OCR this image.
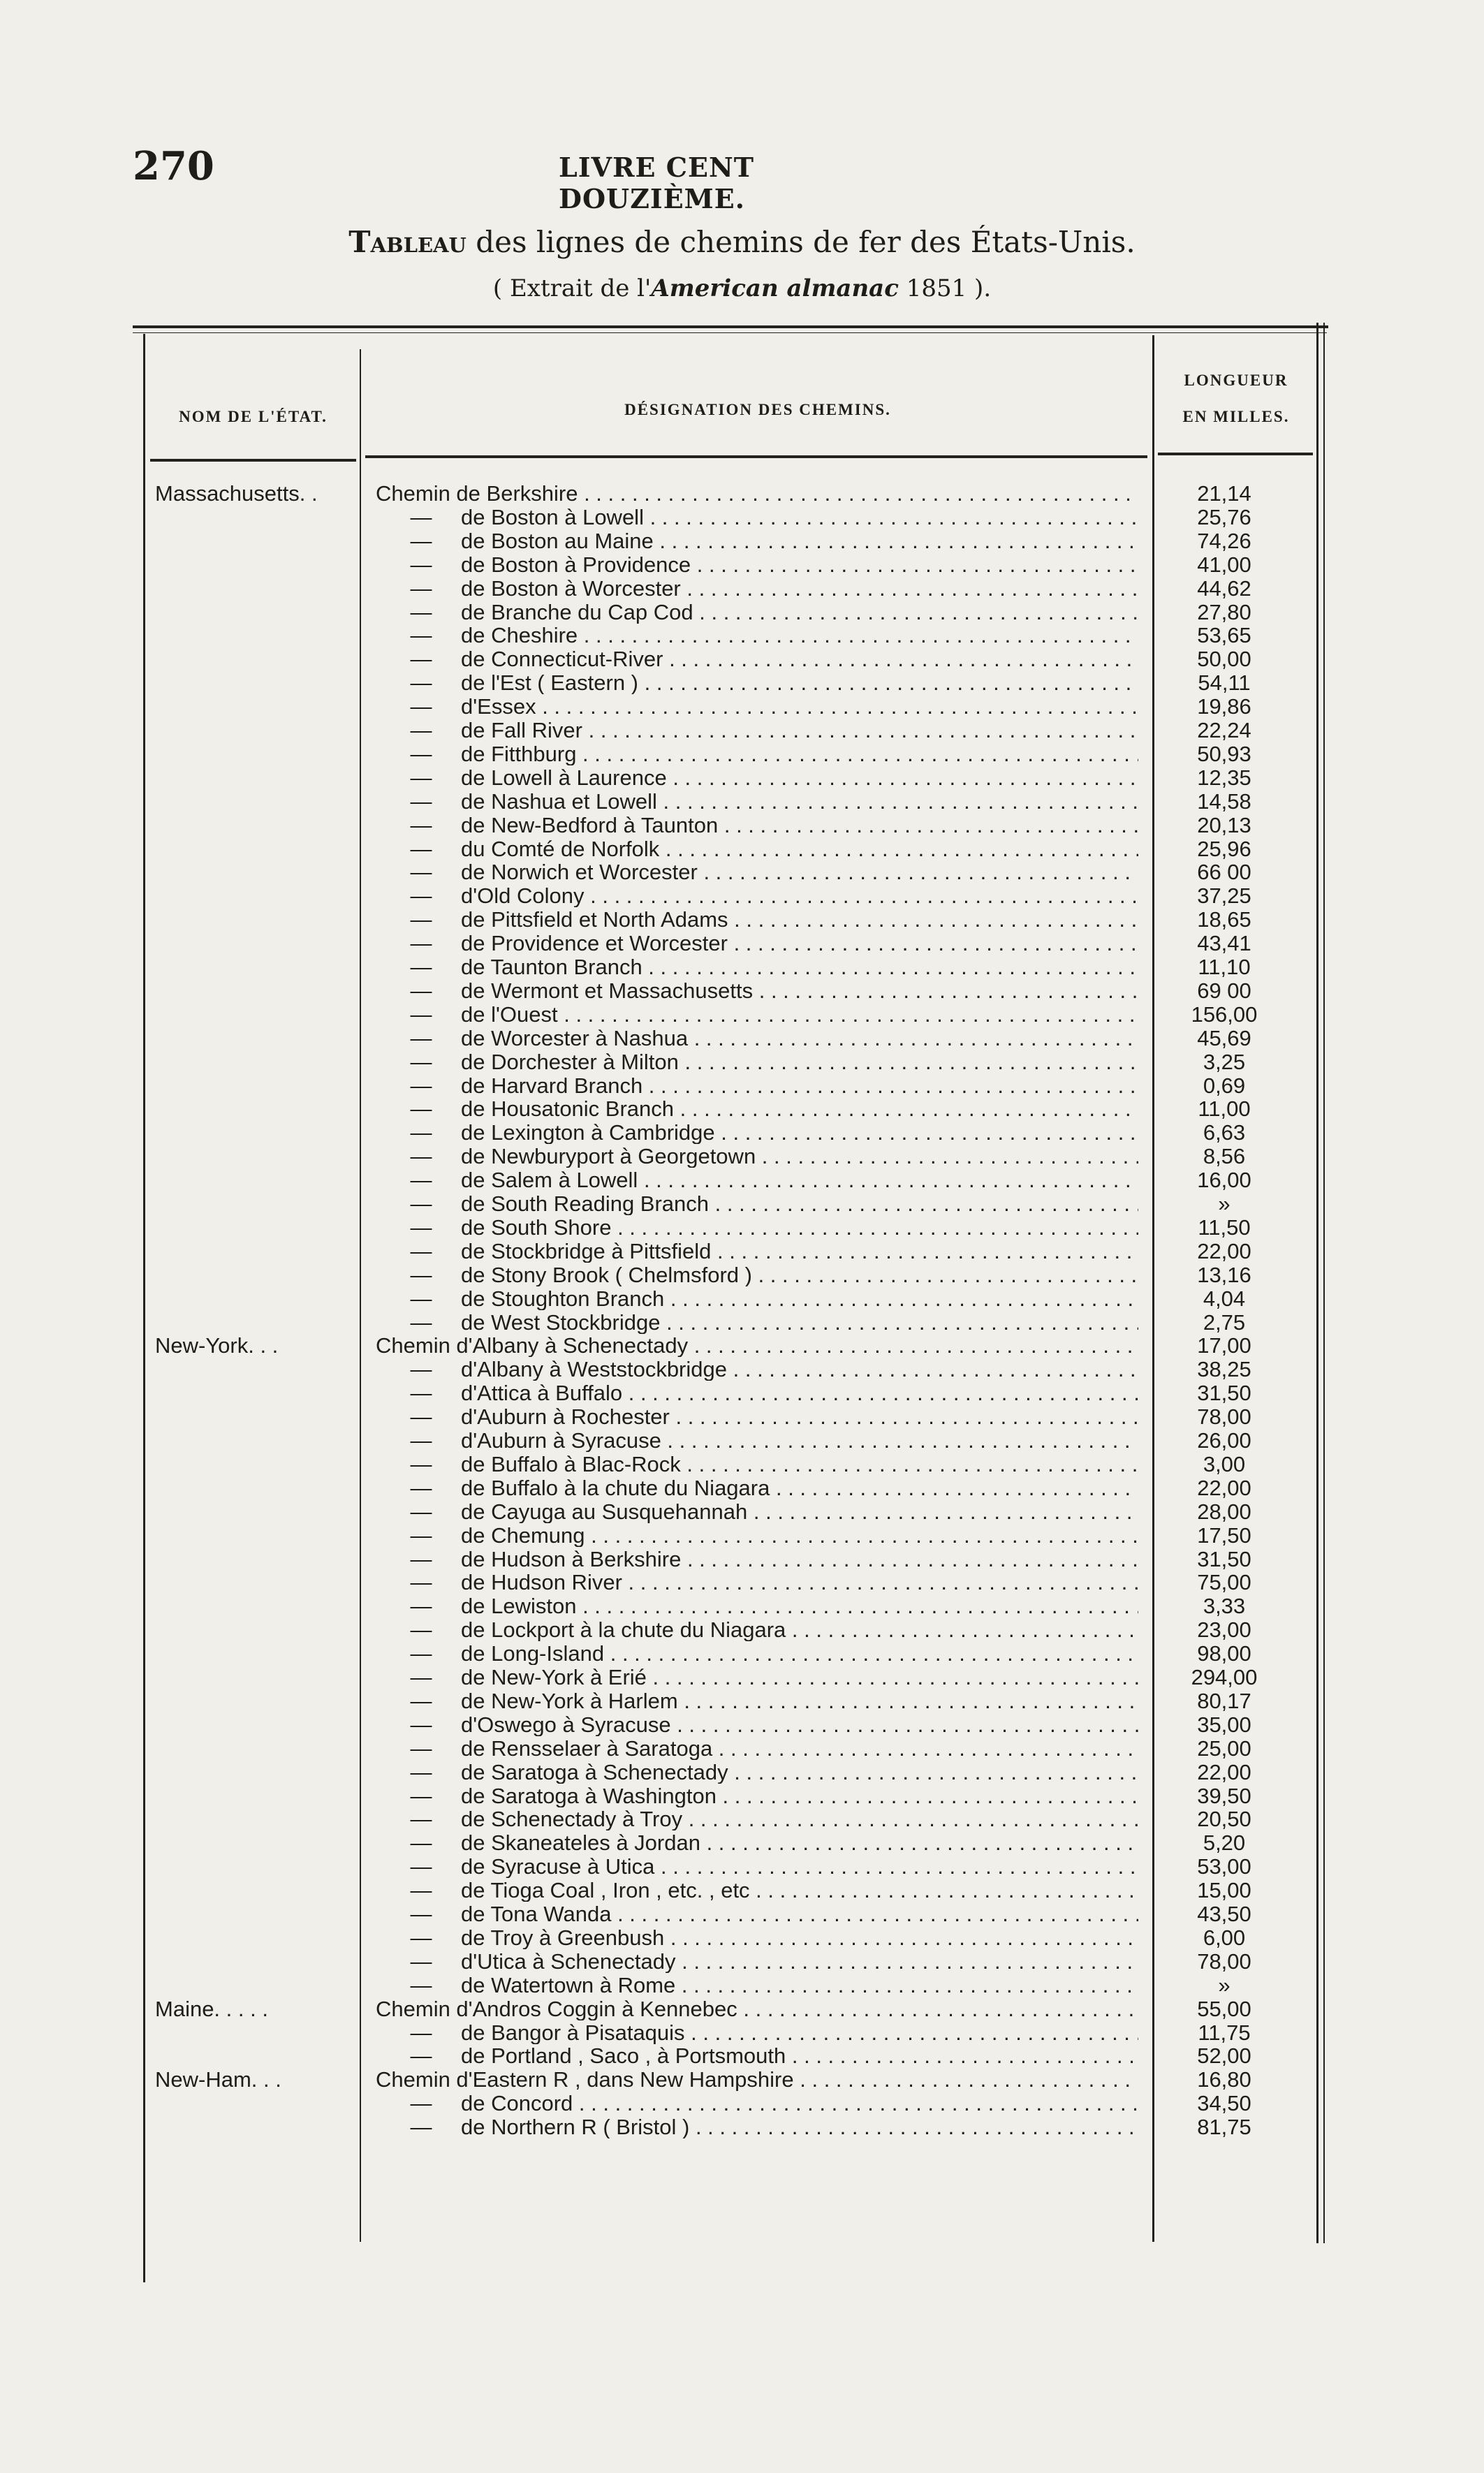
270	LIVRE CENT DOUZIÈME.
Tableau des lignes de chemins de fer des États-Unis.
( Extrait de l'American almanac 1851 ).
NOM DE L'ÉTAT.	DÉSIGNATION DES CHEMINS.
LONGUEUR
EN MILLES.
Massachusetts. .	Chemin de Berkshire . . .	21,14
—	de Boston à Lowell . . .	25,76
—	de Boston au Maine . . .	74,26
—	de Boston à Providence . . .	41,00
—	de Boston à Worcester . . .	44,62
—	de Branche du Cap Cod . . .	27,80
—	de Cheshire . . .	53,65
—	de Connecticut-River . . .	50,00
—	de l'Est ( Eastern ) . . .	54,11
—	d'Essex . . .	19,86
—	de Fall River . . .	22,24
—	de Fitthburg . . .	50,93
—	de Lowell à Laurence . . .	12,35
—	de Nashua et Lowell . . .	14,58
—	de New-Bedford à Taunton . . .	20,13
—	du Comté de Norfolk . . .	25,96
—	de Norwich et Worcester . . .	66 00
—	d'Old Colony . . .	37,25
—	de Pittsfield et North Adams . . .	18,65
—	de Providence et Worcester . . .	43,41
—	de Taunton Branch . . .	11,10
—	de Wermont et Massachusetts . . .	69 00
—	de l'Ouest . . .	156,00
—	de Worcester à Nashua . . .	45,69
—	de Dorchester à Milton . . .	3,25
—	de Harvard Branch . . .	0,69
—	de Housatonic Branch . . .	11,00
—	de Lexington à Cambridge . . .	6,63
—	de Newburyport à Georgetown . . .	8,56
—	de Salem à Lowell . . .	16,00
—	de South Reading Branch . . .	»
—	de South Shore . . .	11,50
—	de Stockbridge à Pittsfield . . .	22,00
—	de Stony Brook ( Chelmsford ) . . .	13,16
—	de Stoughton Branch . . .	4,04
—	de West Stockbridge . . .	2,75
New-York. . .	Chemin d'Albany à Schenectady . . .	17,00
—	d'Albany à Weststockbridge . . .	38,25
—	d'Attica à Buffalo . . .	31,50
—	d'Auburn à Rochester . . .	78,00
—	d'Auburn à Syracuse . . .	26,00
—	de Buffalo à Blac-Rock . . .	3,00
—	de Buffalo à la chute du Niagara . . .	22,00
—	de Cayuga au Susquehannah . . .	28,00
—	de Chemung . . .	17,50
—	de Hudson à Berkshire . . .	31,50
—	de Hudson River . . .	75,00
—	de Lewiston . . .	3,33
—	de Lockport à la chute du Niagara . . .	23,00
—	de Long-Island . . .	98,00
—	de New-York à Erié . . .	294,00
—	de New-York à Harlem . . .	80,17
—	d'Oswego à Syracuse . . .	35,00
—	de Rensselaer à Saratoga . . .	25,00
—	de Saratoga à Schenectady . . .	22,00
—	de Saratoga à Washington . . .	39,50
—	de Schenectady à Troy . . .	20,50
—	de Skaneateles à Jordan . . .	5,20
—	de Syracuse à Utica . . .	53,00
—	de Tioga Coal , Iron , etc. , etc . . .	15,00
—	de Tona Wanda . . .	43,50
—	de Troy à Greenbush . . .	6,00
—	d'Utica à Schenectady . . .	78,00
—	de Watertown à Rome . . .	»
Maine. . . . .	Chemin d'Andros Coggin à Kennebec . . .	55,00
—	de Bangor à Pisataquis . . .	11,75
—	de Portland , Saco , à Portsmouth . . .	52,00
New-Ham. . .	Chemin d'Eastern R , dans New Hampshire . . .	16,80
—	de Concord . . .	34,50
—	de Northern R ( Bristol ) . . .	81,75
